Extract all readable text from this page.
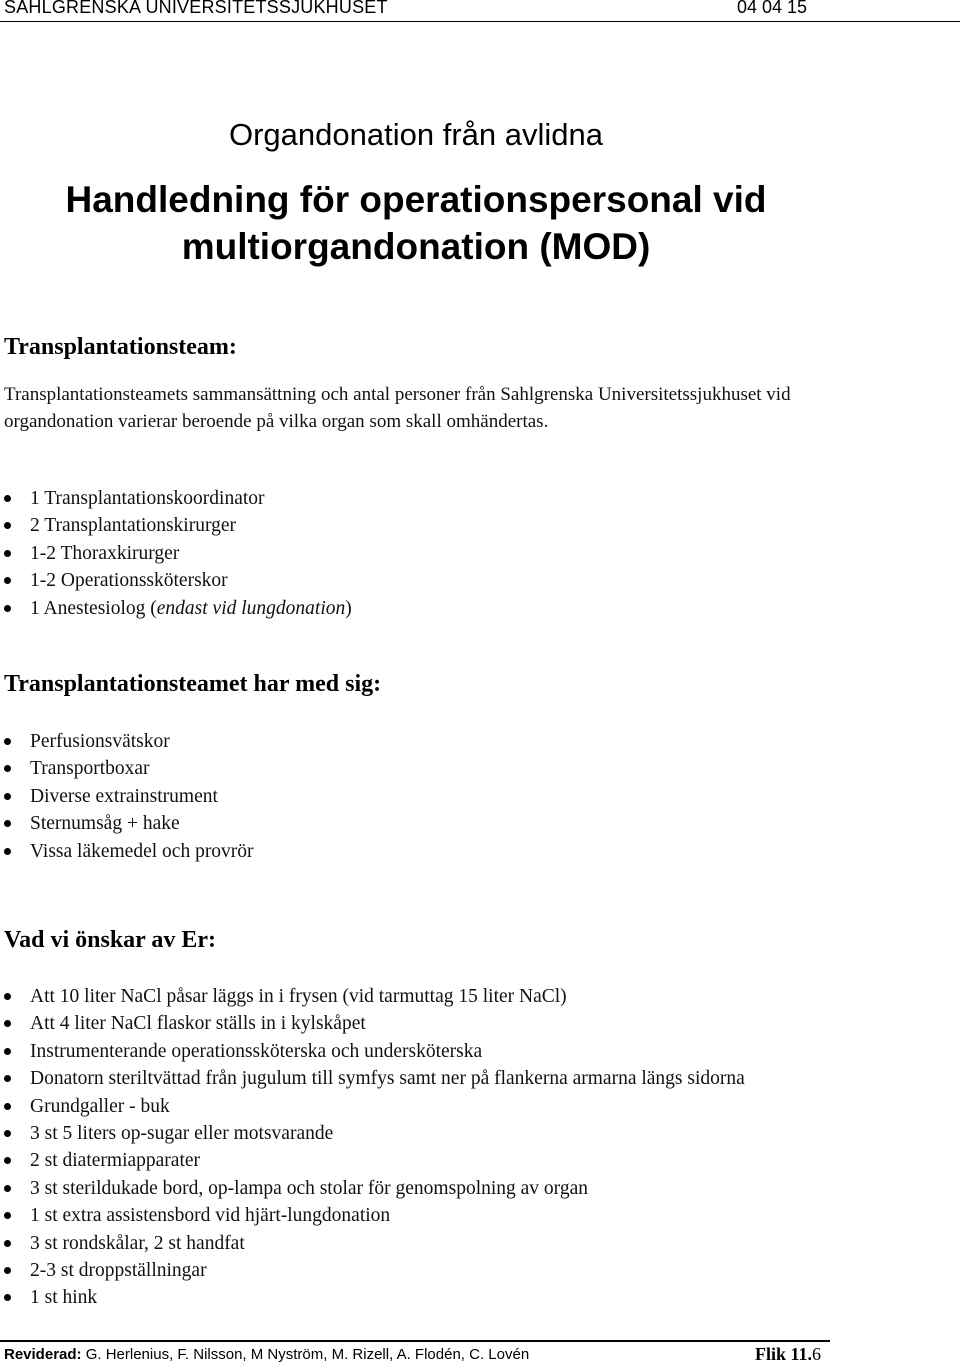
SAHLGRENSKA UNIVERSITETSSJUKHUSET	04 04 15
Organdonation från avlidna
Handledning för operationspersonal vid multiorgandonation (MOD)
Transplantationsteam:

Transplantationsteamets sammansättning och antal personer från Sahlgrenska Universitetssjukhuset vid organdonation varierar beroende på vilka organ som skall omhändertas.

1 Transplantationskoordinator
2 Transplantationskirurger
1-2 Thoraxkirurger
1-2 Operationssköterskor
1 Anestesiolog (endast vid lungdonation)
Transplantationsteamet har med sig:
Perfusionsvätskor
Transportboxar
Diverse extrainstrument
Sternumsåg + hake
Vissa läkemedel och provrör
Vad vi önskar av Er:
Att 10 liter NaCl påsar läggs in i frysen (vid tarmuttag 15 liter NaCl)
Att 4 liter NaCl flaskor ställs in i kylskåpet
Instrumenterande operationssköterska och undersköterska
Donatorn steriltvättad från jugulum till symfys samt ner på flankerna armarna längs sidorna
Grundgaller - buk
3 st 5 liters op-sugar eller motsvarande
2 st diatermiapparater
3 st sterildukade bord, op-lampa och stolar för genomspolning av organ
1 st extra assistensbord vid hjärt-lungdonation
3 st rondskålar, 2 st handfat
2-3 st droppställningar
1 st hink
Reviderad: G. Herlenius, F. Nilsson, M Nyström, M. Rizell, A. Flodén, C. Lovén	Flik 11.6
